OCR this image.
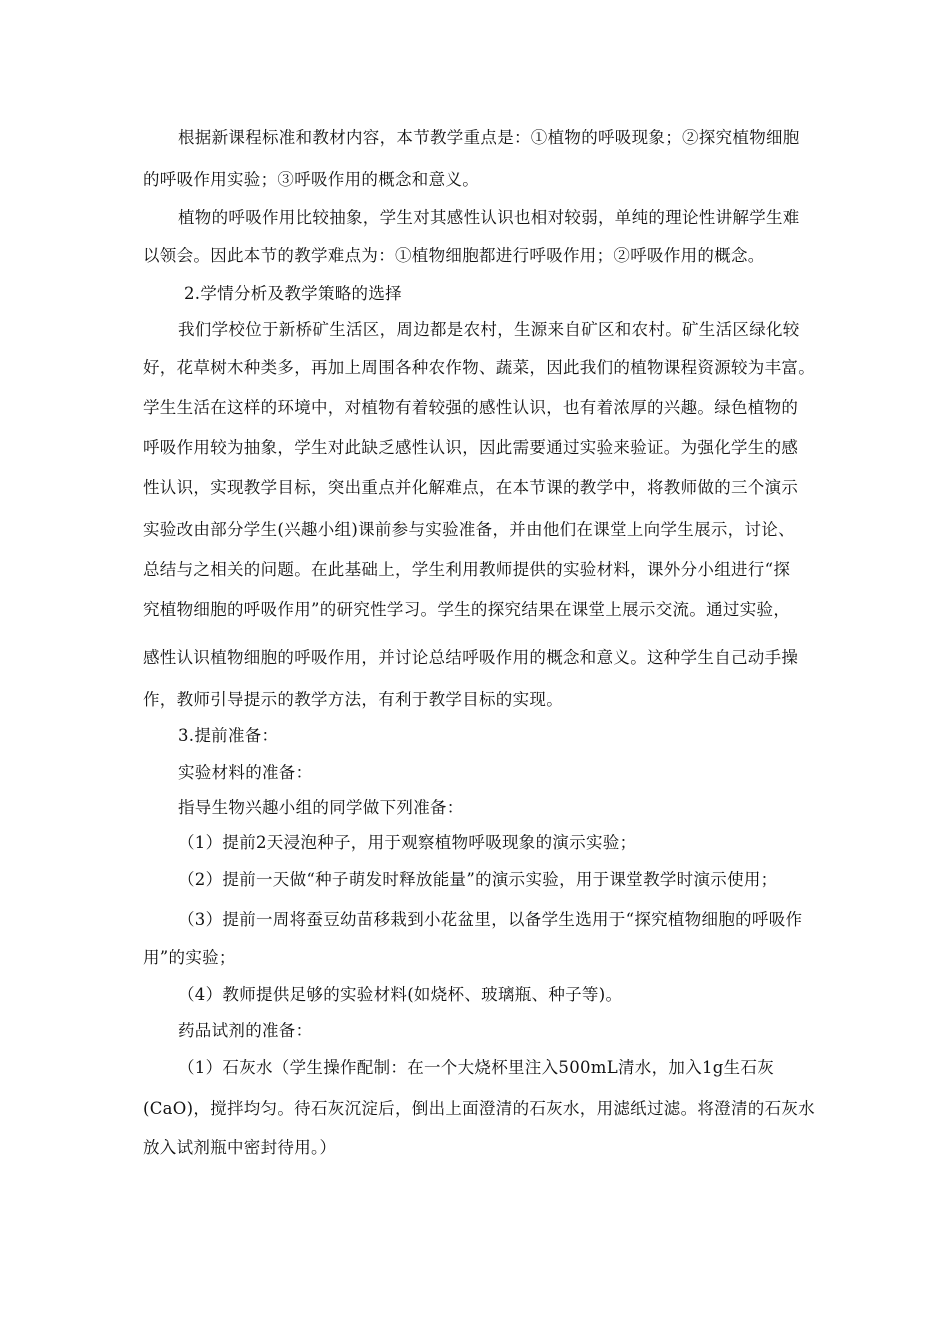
根据新课程标准和教材内容，本节教学重点是：①植物的呼吸现象；②探究植物细胞
的呼吸作用实验；③呼吸作用的概念和意义。
植物的呼吸作用比较抽象，学生对其感性认识也相对较弱，单纯的理论性讲解学生难
以领会。因此本节的教学难点为：①植物细胞都进行呼吸作用；②呼吸作用的概念。
2.学情分析及教学策略的选择
我们学校位于新桥矿生活区，周边都是农村，生源来自矿区和农村。矿生活区绿化较
好，花草树木种类多，再加上周围各种农作物、蔬菜，因此我们的植物课程资源较为丰富。
学生生活在这样的环境中，对植物有着较强的感性认识，也有着浓厚的兴趣。绿色植物的
呼吸作用较为抽象，学生对此缺乏感性认识，因此需要通过实验来验证。为强化学生的感
性认识，实现教学目标，突出重点并化解难点，在本节课的教学中，将教师做的三个演示
实验改由部分学生(兴趣小组)课前参与实验准备，并由他们在课堂上向学生展示，讨论、
总结与之相关的问题。在此基础上，学生利用教师提供的实验材料，课外分小组进行“探
究植物细胞的呼吸作用”的研究性学习。学生的探究结果在课堂上展示交流。通过实验，
感性认识植物细胞的呼吸作用，并讨论总结呼吸作用的概念和意义。这种学生自己动手操
作，教师引导提示的教学方法，有利于教学目标的实现。
3.提前准备：
实验材料的准备：
指导生物兴趣小组的同学做下列准备：
（1）提前2天浸泡种子，用于观察植物呼吸现象的演示实验；
（2）提前一天做“种子萌发时释放能量”的演示实验，用于课堂教学时演示使用；
（3）提前一周将蚕豆幼苗移栽到小花盆里，以备学生选用于“探究植物细胞的呼吸作
用”的实验；
（4）教师提供足够的实验材料(如烧杯、玻璃瓶、种子等)。
药品试剂的准备：
（1）石灰水（学生操作配制：在一个大烧杯里注入500mL清水，加入1g生石灰
(CaO)，搅拌均匀。待石灰沉淀后，倒出上面澄清的石灰水，用滤纸过滤。将澄清的石灰水
放入试剂瓶中密封待用。）
